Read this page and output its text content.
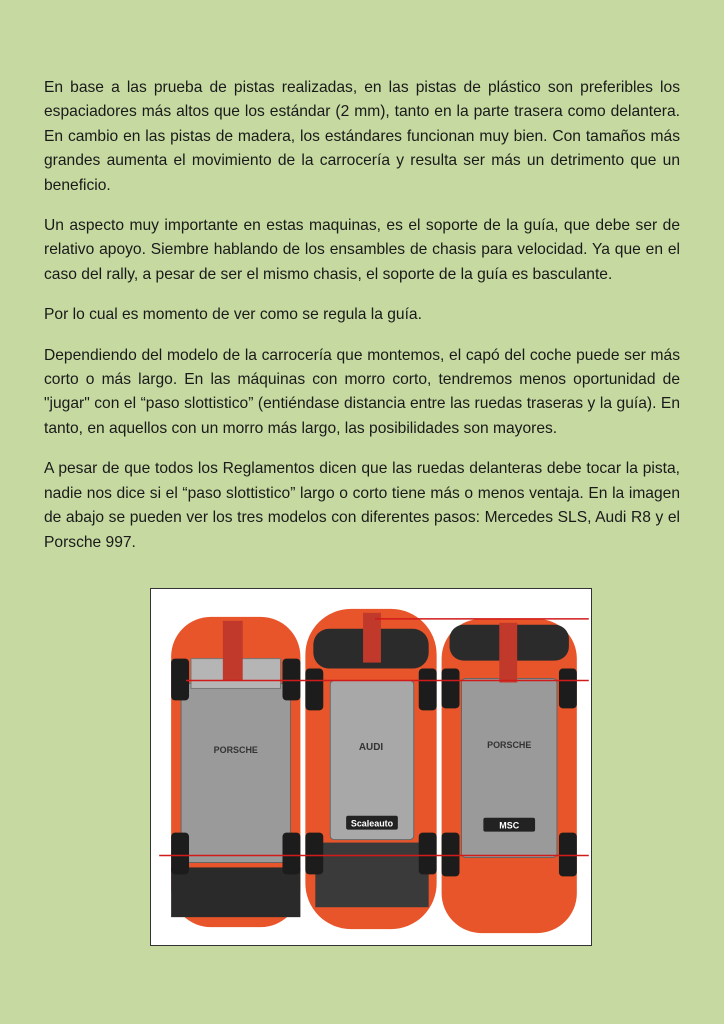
En base a las prueba de pistas realizadas, en las pistas de plástico son preferibles los espaciadores más altos que los estándar (2 mm), tanto en la parte trasera como delantera. En cambio en las pistas de madera, los estándares funcionan muy bien. Con tamaños más grandes aumenta el movimiento de la carrocería y resulta ser más un detrimento que un beneficio.

Un aspecto muy importante en estas maquinas, es el soporte de la guía, que debe ser de relativo apoyo. Siembre hablando de los ensambles de chasis para velocidad. Ya que en el caso del rally, a pesar de ser el mismo chasis, el soporte de la guía es basculante.

Por lo cual es momento de ver como se regula la guía.

Dependiendo del modelo de la carrocería que montemos, el capó del coche puede ser más corto o más largo. En las máquinas con morro corto, tendremos menos oportunidad de "jugar" con el “paso slottistico” (entiéndase distancia entre las ruedas traseras y la guía). En tanto, en aquellos con un morro más largo, las posibilidades son mayores.

A pesar de que todos los Reglamentos dicen que las ruedas delanteras debe tocar la pista, nadie nos dice si el “paso slottistico” largo o corto tiene más o menos ventaja. En la imagen de abajo se pueden ver los tres modelos con diferentes pasos: Mercedes SLS, Audi R8 y el Porsche 997.

PORSCHE	AUDI
Scaleauto
PORSCHE
MSC
